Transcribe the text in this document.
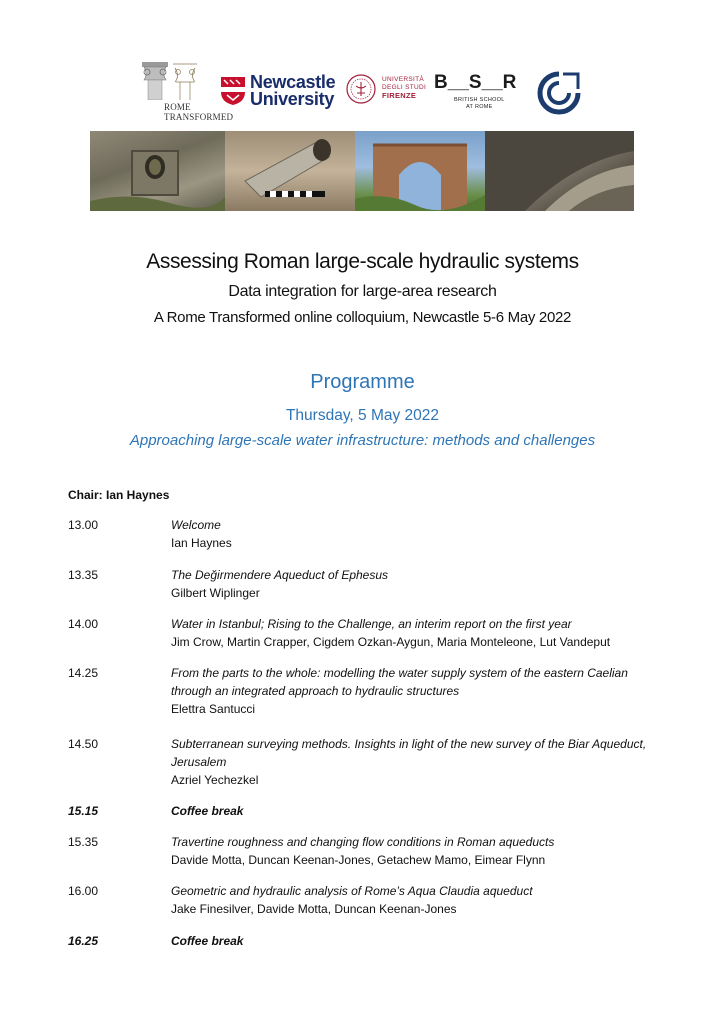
ROME
TRANSFORMED
Newcastle
University
UNIVERSITÀ
DEGLI STUDI
FIRENZE
B__S__R
BRITISH SCHOOL
AT ROME
Assessing Roman large-scale hydraulic systems
Data integration for large-area research
A Rome Transformed online colloquium, Newcastle 5-6 May 2022
Programme
Thursday, 5 May 2022
Approaching large-scale water infrastructure: methods and challenges
Chair: Ian Haynes
13.00	Welcome
Ian Haynes
13.35	The Değirmendere Aqueduct of Ephesus
Gilbert Wiplinger
14.00	Water in Istanbul; Rising to the Challenge, an interim report on the first year
Jim Crow, Martin Crapper, Cigdem Ozkan-Aygun, Maria Monteleone, Lut Vandeput
14.25	From the parts to the whole: modelling the water supply system of the eastern Caelian through an integrated approach to hydraulic structures
Elettra Santucci
14.50	Subterranean surveying methods. Insights in light of the new survey of the Biar Aqueduct, Jerusalem
Azriel Yechezkel
15.15	Coffee break
15.35	Travertine roughness and changing flow conditions in Roman aqueducts
Davide Motta, Duncan Keenan-Jones, Getachew Mamo, Eimear Flynn
16.00	Geometric and hydraulic analysis of Rome’s Aqua Claudia aqueduct
Jake Finesilver, Davide Motta, Duncan Keenan-Jones
16.25	Coffee break
